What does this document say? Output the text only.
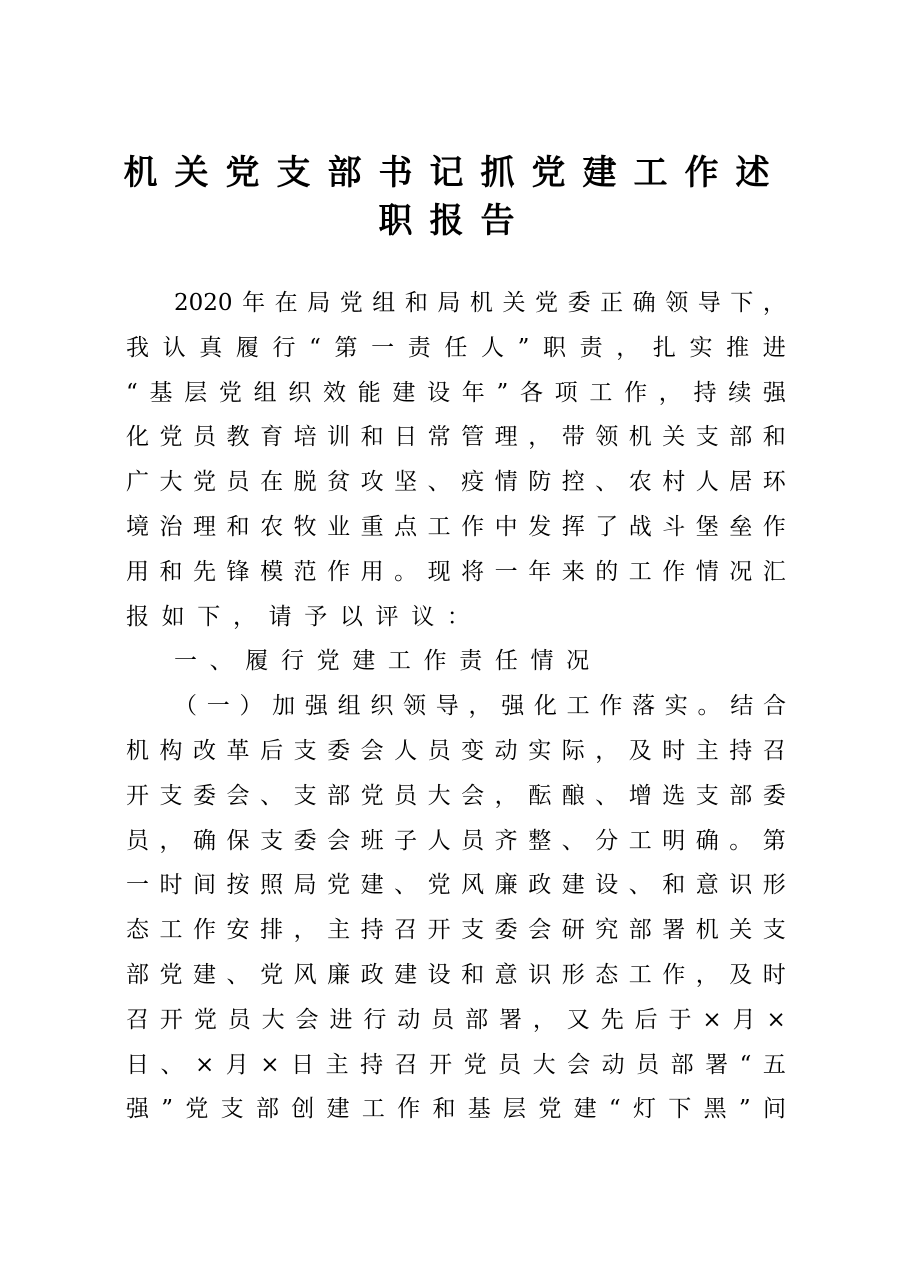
机关党支部书记抓党建工作述
职报告
2020 年 在 局 党 组 和 局 机 关 党 委 正 确 领 导 下 ，
我 认 真 履 行 “ 第 一 责 任 人 ” 职 责 ， 扎 实 推 进
“ 基 层 党 组 织 效 能 建 设 年 ” 各 项 工 作 ， 持 续 强
化 党 员 教 育 培 训 和 日 常 管 理 ， 带 领 机 关 支 部 和
广 大 党 员 在 脱 贫 攻 坚 、 疫 情 防 控 、 农 村 人 居 环
境 治 理 和 农 牧 业 重 点 工 作 中 发 挥 了 战 斗 堡 垒 作
用 和 先 锋 模 范 作 用 。 现 将 一 年 来 的 工 作 情 况 汇
报如下，请予以评议：
一、履行党建工作责任情况
（ 一 ） 加 强 组 织 领 导 ， 强 化 工 作 落 实 。 结 合
机 构 改 革 后 支 委 会 人 员 变 动 实 际 ， 及 时 主 持 召
开 支 委 会 、 支 部 党 员 大 会 ， 酝 酿 、 增 选 支 部 委
员 ， 确 保 支 委 会 班 子 人 员 齐 整 、 分 工 明 确 。 第
一 时 间 按 照 局 党 建 、 党 风 廉 政 建 设 、 和 意 识 形
态 工 作 安 排 ， 主 持 召 开 支 委 会 研 究 部 署 机 关 支
部 党 建 、 党 风 廉 政 建 设 和 意 识 形 态 工 作 ， 及 时
召 开 党 员 大 会 进 行 动 员 部 署 ， 又 先 后 于 × 月 ×
日 、 × 月 × 日 主 持 召 开 党 员 大 会 动 员 部 署 “ 五
强 ” 党 支 部 创 建 工 作 和 基 层 党 建 “ 灯 下 黑 ” 问
